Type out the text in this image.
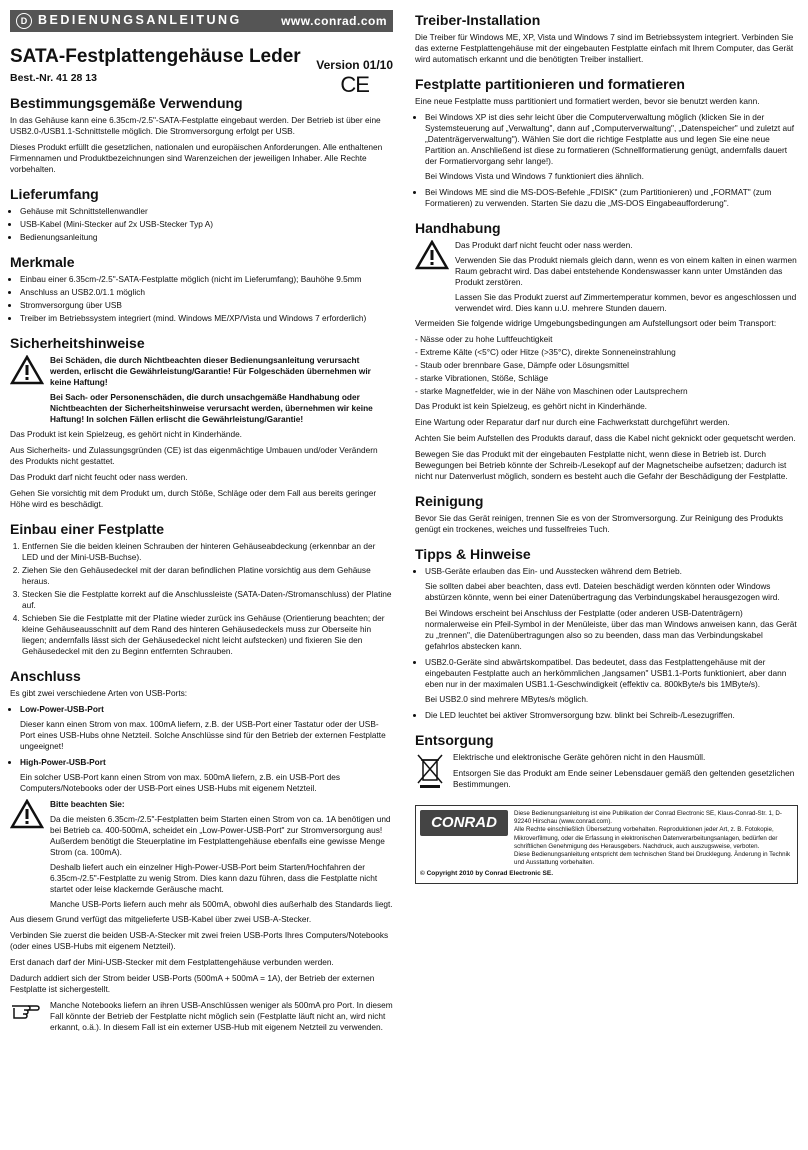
D BEDIENUNGSANLEITUNG	www.conrad.com
SATA-Festplattengehäuse Leder
Best.-Nr. 41 28 13
Version 01/10
CE
Bestimmungsgemäße Verwendung

In das Gehäuse kann eine 6.35cm-/2.5"-SATA-Festplatte eingebaut werden. Der Betrieb ist über eine USB2.0-/USB1.1-Schnittstelle möglich. Die Stromversorgung erfolgt per USB.

Dieses Produkt erfüllt die gesetzlichen, nationalen und europäischen Anforderungen. Alle enthaltenen Firmennamen und Produktbezeichnungen sind Warenzeichen der jeweiligen Inhaber. Alle Rechte vorbehalten.

Lieferumfang
• Gehäuse mit Schnittstellenwandler
• USB-Kabel (Mini-Stecker auf 2x USB-Stecker Typ A)
• Bedienungsanleitung
Merkmale
• Einbau einer 6.35cm-/2.5"-SATA-Festplatte möglich (nicht im Lieferumfang); Bauhöhe 9.5mm
• Anschluss an USB2.0/1.1 möglich
• Stromversorgung über USB
• Treiber im Betriebssystem integriert (mind. Windows ME/XP/Vista und Windows 7 erforderlich)
Sicherheitshinweise

Bei Schäden, die durch Nichtbeachten dieser Bedienungsanleitung verursacht werden, erlischt die Gewährleistung/Garantie! Für Folgeschäden übernehmen wir keine Haftung!

Bei Sach- oder Personenschäden, die durch unsachgemäße Handhabung oder Nichtbeachten der Sicherheitshinweise verursacht werden, übernehmen wir keine Haftung! In solchen Fällen erlischt die Gewährleistung/Garantie!

Das Produkt ist kein Spielzeug, es gehört nicht in Kinderhände.

Aus Sicherheits- und Zulassungsgründen (CE) ist das eigenmächtige Umbauen und/oder Verändern des Produkts nicht gestattet.

Das Produkt darf nicht feucht oder nass werden.

Gehen Sie vorsichtig mit dem Produkt um, durch Stöße, Schläge oder dem Fall aus bereits geringer Höhe wird es beschädigt.

Einbau einer Festplatte
1. Entfernen Sie die beiden kleinen Schrauben der hinteren Gehäuseabdeckung (erkennbar an der LED und der Mini-USB-Buchse).
2. Ziehen Sie den Gehäusedeckel mit der daran befindlichen Platine vorsichtig aus dem Gehäuse heraus.
3. Stecken Sie die Festplatte korrekt auf die Anschlussleiste (SATA-Daten-/Stromanschluss) der Platine auf.
4. Schieben Sie die Festplatte mit der Platine wieder zurück ins Gehäuse (Orientierung beachten; der kleine Gehäuseausschnitt auf dem Rand des hinteren Gehäusedeckels muss zur Oberseite hin liegen; andernfalls lässt sich der Gehäusedeckel nicht leicht aufstecken) und fixieren Sie den Gehäusedeckel mit den zu Beginn entfernten Schrauben.
Anschluss

Es gibt zwei verschiedene Arten von USB-Ports:

• Low-Power-USB-Port

Dieser kann einen Strom von max. 100mA liefern, z.B. der USB-Port einer Tastatur oder der USB-Port eines USB-Hubs ohne Netzteil. Solche Anschlüsse sind für den Betrieb der externen Festplatte ungeeignet!

• High-Power-USB-Port

Ein solcher USB-Port kann einen Strom von max. 500mA liefern, z.B. ein USB-Port des Computers/Notebooks oder der USB-Port eines USB-Hubs mit eigenem Netzteil.

Bitte beachten Sie:

Da die meisten 6.35cm-/2.5"-Festplatten beim Starten einen Strom von ca. 1A benötigen und bei Betrieb ca. 400-500mA, scheidet ein „Low-Power-USB-Port" zur Stromversorgung aus! Außerdem benötigt die Steuerplatine im Festplattengehäuse ebenfalls eine gewisse Menge Strom (ca. 100mA).

Deshalb liefert auch ein einzelner High-Power-USB-Port beim Starten/Hochfahren der 6.35cm-/2.5"-Festplatte zu wenig Strom. Dies kann dazu führen, dass die Festplatte nicht startet oder leise klackernde Geräusche macht.

Manche USB-Ports liefern auch mehr als 500mA, obwohl dies außerhalb des Standards liegt.

Aus diesem Grund verfügt das mitgelieferte USB-Kabel über zwei USB-A-Stecker.

Verbinden Sie zuerst die beiden USB-A-Stecker mit zwei freien USB-Ports Ihres Computers/Notebooks (oder eines USB-Hubs mit eigenem Netzteil).

Erst danach darf der Mini-USB-Stecker mit dem Festplattengehäuse verbunden werden.

Dadurch addiert sich der Strom beider USB-Ports (500mA + 500mA = 1A), der Betrieb der externen Festplatte ist sichergestellt.

Manche Notebooks liefern an ihren USB-Anschlüssen weniger als 500mA pro Port. In diesem Fall könnte der Betrieb der Festplatte nicht möglich sein (Festplatte läuft nicht an, wird nicht erkannt, o.ä.). In diesem Fall ist ein externer USB-Hub mit eigenem Netzteil zu verwenden.

Treiber-Installation

Die Treiber für Windows ME, XP, Vista und Windows 7 sind im Betriebssystem integriert. Verbinden Sie das externe Festplattengehäuse mit der eingebauten Festplatte einfach mit Ihrem Computer, das Gerät wird automatisch erkannt und die benötigten Treiber installiert.

Festplatte partitionieren und formatieren

Eine neue Festplatte muss partitioniert und formatiert werden, bevor sie benutzt werden kann.

• Bei Windows XP ist dies sehr leicht über die Computerverwaltung möglich (klicken Sie in der Systemsteuerung auf „Verwaltung", dann auf „Computerverwaltung", „Datenspeicher" und zuletzt auf „Datenträgerverwaltung"). Wählen Sie dort die richtige Festplatte aus und legen Sie eine neue Partition an. Anschließend ist diese zu formatieren (Schnellformatierung genügt, andernfalls dauert der Formatiervorgang sehr lange!).

Bei Windows Vista und Windows 7 funktioniert dies ähnlich.

• Bei Windows ME sind die MS-DOS-Befehle „FDISK" (zum Partitionieren) und „FORMAT" (zum Formatieren) zu verwenden. Starten Sie dazu die „MS-DOS Eingabeaufforderung".
Handhabung

Das Produkt darf nicht feucht oder nass werden.

Verwenden Sie das Produkt niemals gleich dann, wenn es von einem kalten in einen warmen Raum gebracht wird. Das dabei entstehende Kondenswasser kann unter Umständen das Produkt zerstören.

Lassen Sie das Produkt zuerst auf Zimmertemperatur kommen, bevor es angeschlossen und verwendet wird. Dies kann u.U. mehrere Stunden dauern.

Vermeiden Sie folgende widrige Umgebungsbedingungen am Aufstellungsort oder beim Transport:

- Nässe oder zu hohe Luftfeuchtigkeit
- Extreme Kälte (<5°C) oder Hitze (>35°C), direkte Sonneneinstrahlung
- Staub oder brennbare Gase, Dämpfe oder Lösungsmittel
- starke Vibrationen, Stöße, Schläge
- starke Magnetfelder, wie in der Nähe von Maschinen oder Lautsprechern

Das Produkt ist kein Spielzeug, es gehört nicht in Kinderhände.

Eine Wartung oder Reparatur darf nur durch eine Fachwerkstatt durchgeführt werden.

Achten Sie beim Aufstellen des Produkts darauf, dass die Kabel nicht geknickt oder gequetscht werden.

Bewegen Sie das Produkt mit der eingebauten Festplatte nicht, wenn diese in Betrieb ist. Durch Bewegungen bei Betrieb könnte der Schreib-/Lesekopf auf der Magnetscheibe aufsetzen; dadurch ist nicht nur Datenverlust möglich, sondern es besteht auch die Gefahr der Beschädigung der Festplatte.

Reinigung

Bevor Sie das Gerät reinigen, trennen Sie es von der Stromversorgung. Zur Reinigung des Produkts genügt ein trockenes, weiches und fusselfreies Tuch.

Tipps & Hinweise
• USB-Geräte erlauben das Ein- und Ausstecken während dem Betrieb.

Sie sollten dabei aber beachten, dass evtl. Dateien beschädigt werden könnten oder Windows abstürzen könnte, wenn bei einer Datenübertragung das Verbindungskabel herausgezogen wird.

Bei Windows erscheint bei Anschluss der Festplatte (oder anderen USB-Datenträgern) normalerweise ein Pfeil-Symbol in der Menüleiste, über das man Windows anweisen kann, das Gerät zu „trennen", die Datenübertragungen also so zu beenden, dass man das Verbindungskabel gefahrlos abstecken kann.

• USB2.0-Geräte sind abwärtskompatibel. Das bedeutet, dass das Festplattengehäuse mit der eingebauten Festplatte auch an herkömmlichen „langsamen" USB1.1-Ports funktioniert, aber dann eben nur in der maximalen USB1.1-Geschwindigkeit (effektiv ca. 800kByte/s bis 1MByte/s).

Bei USB2.0 sind mehrere MBytes/s möglich.

• Die LED leuchtet bei aktiver Stromversorgung bzw. blinkt bei Schreib-/Lesezugriffen.
Entsorgung

Elektrische und elektronische Geräte gehören nicht in den Hausmüll.

Entsorgen Sie das Produkt am Ende seiner Lebensdauer gemäß den geltenden gesetzlichen Bestimmungen.

CONRAD
Diese Bedienungsanleitung ist eine Publikation der Conrad Electronic SE, Klaus-Conrad-Str. 1, D-92240 Hirschau (www.conrad.com).
Alle Rechte einschließlich Übersetzung vorbehalten. Reproduktionen jeder Art, z. B. Fotokopie, Mikroverfilmung, oder die Erfassung in elektronischen Datenverarbeitungsanlagen, bedürfen der schriftlichen Genehmigung des Herausgebers. Nachdruck, auch auszugsweise, verboten.
Diese Bedienungsanleitung entspricht dem technischen Stand bei Drucklegung. Änderung in Technik und Ausstattung vorbehalten.
© Copyright 2010 by Conrad Electronic SE.
